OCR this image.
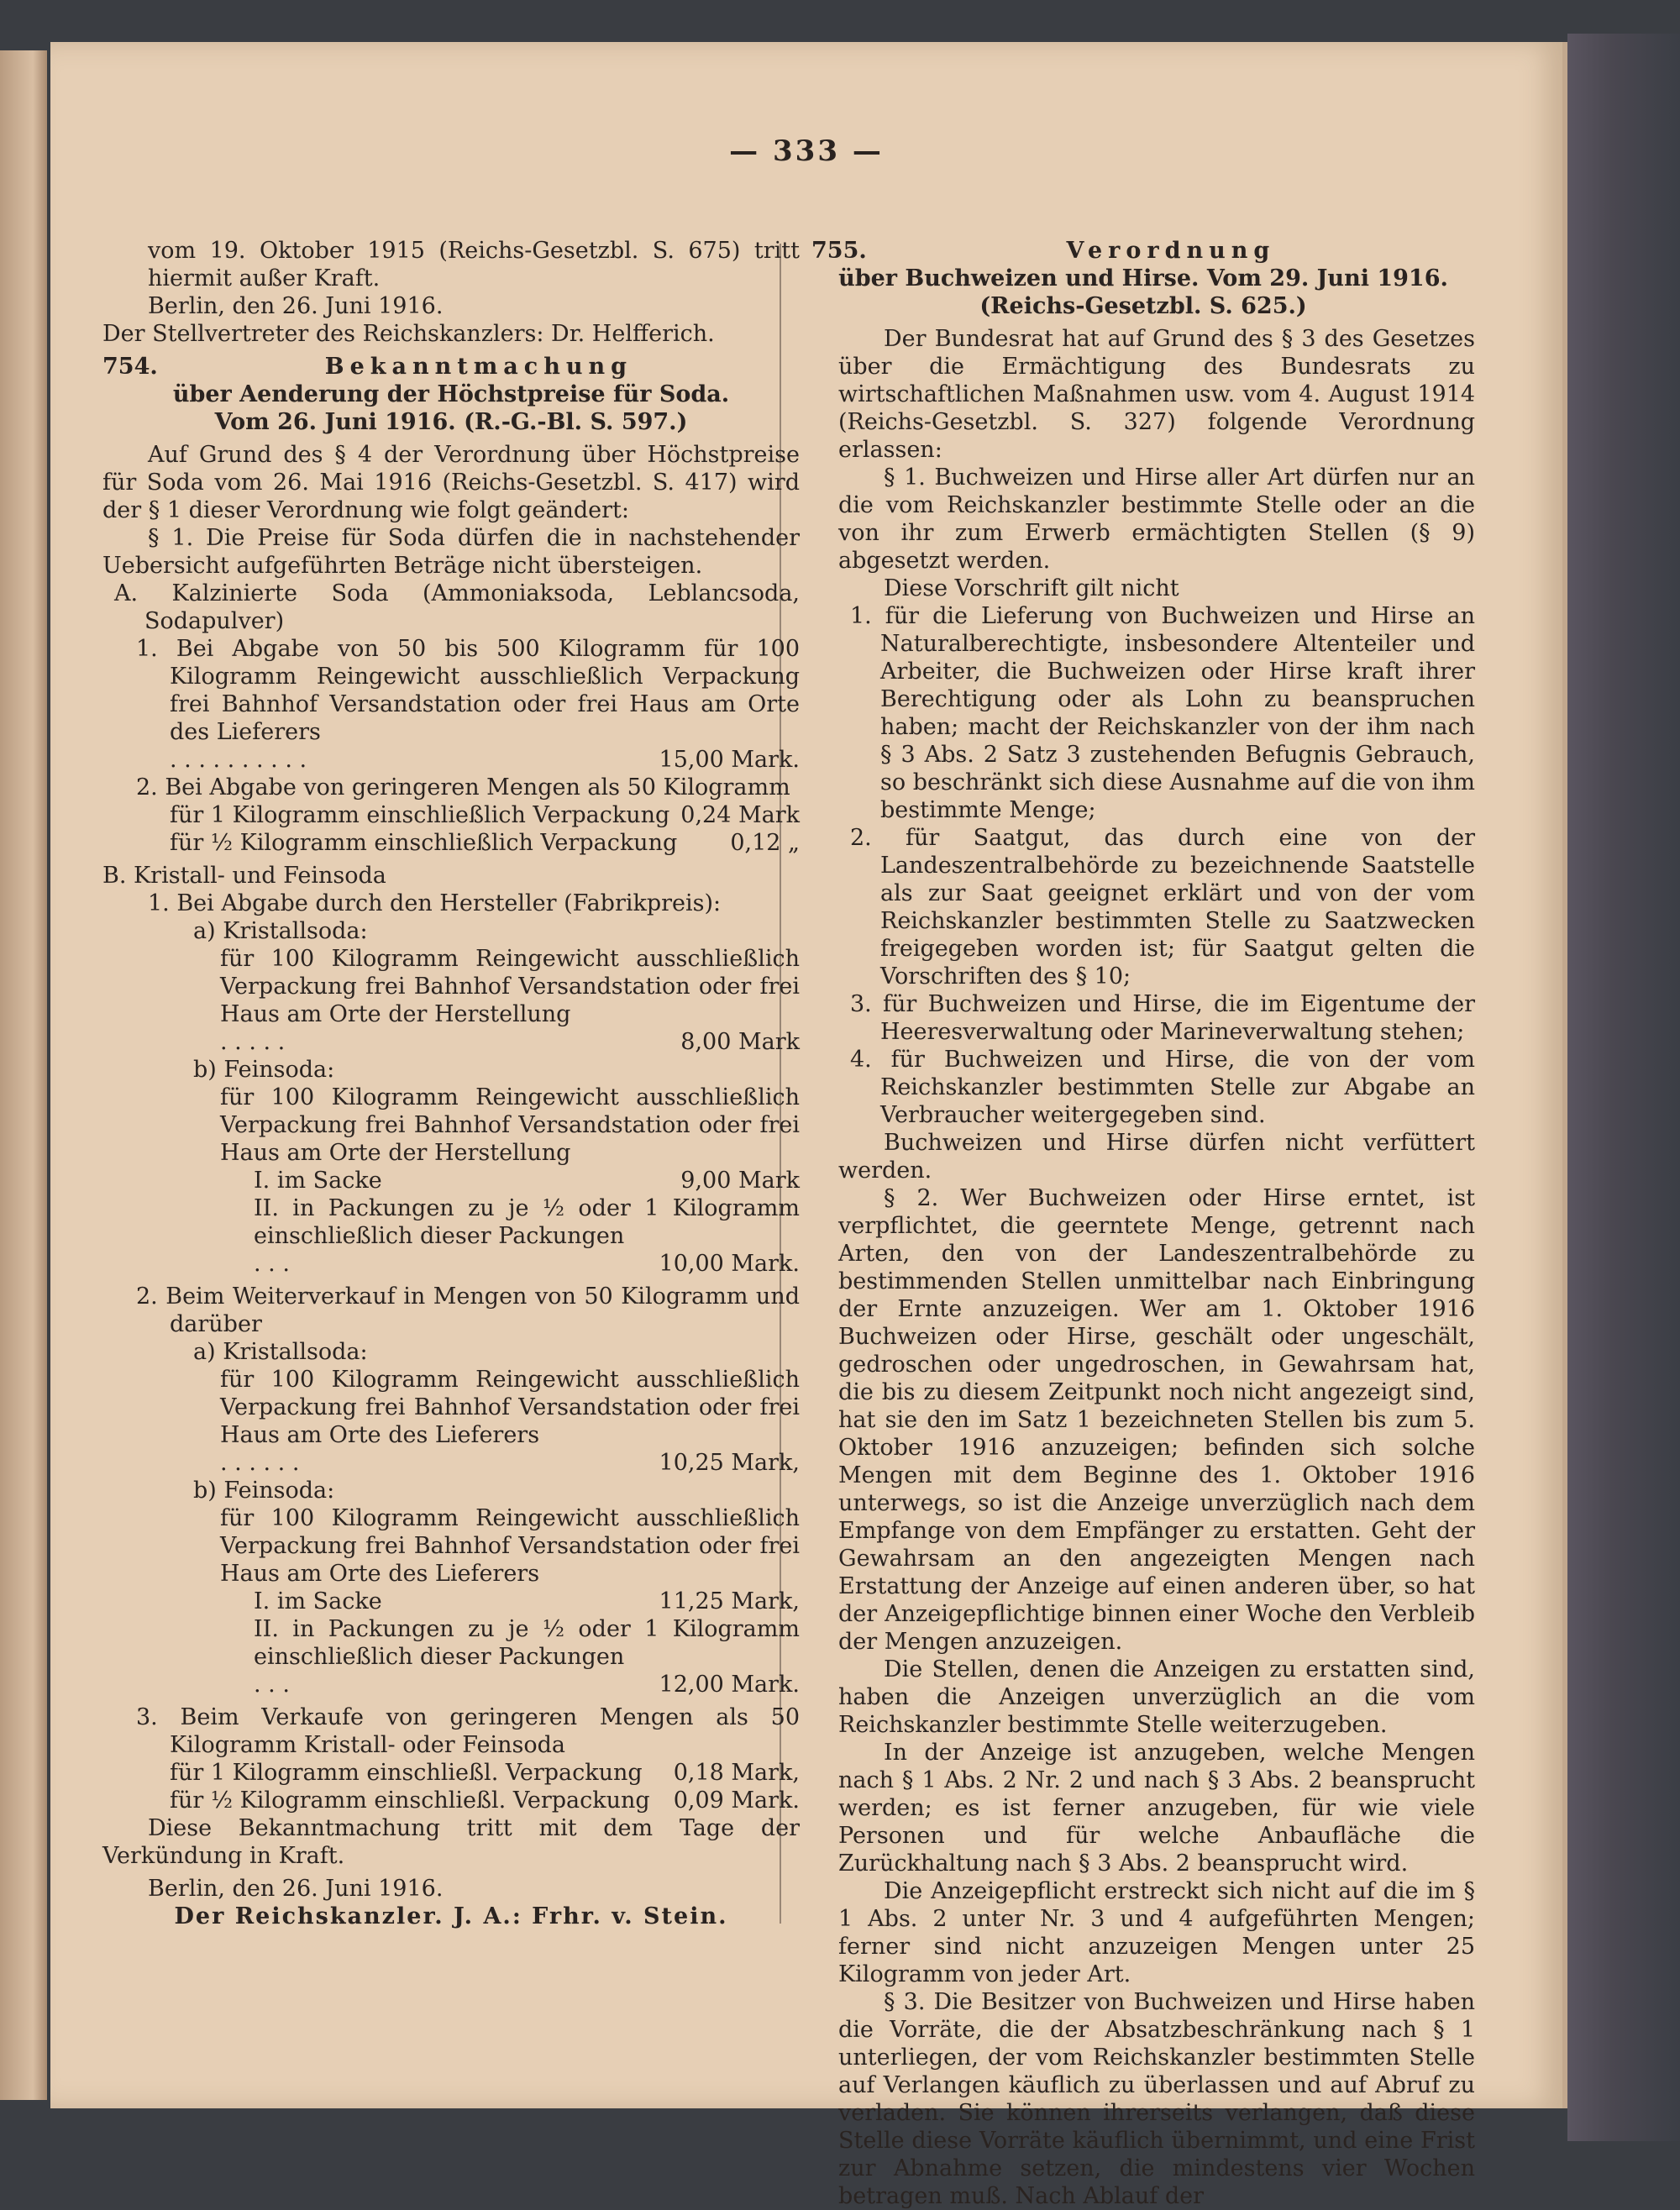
— 333 —

vom 19. Oktober 1915 (Reichs-Gesetzbl. S. 675) tritt hiermit außer Kraft.

Berlin, den 26. Juni 1916.

Der Stellvertreter des Reichskanzlers: Dr. Helfferich.

754.	Bekanntmachung

über Aenderung der Höchstpreise für Soda.

Vom 26. Juni 1916. (R.-G.-Bl. S. 597.)

Auf Grund des § 4 der Verordnung über Höchstpreise für Soda vom 26. Mai 1916 (Reichs-Gesetzbl. S. 417) wird der § 1 dieser Verordnung wie folgt geändert:

§ 1. Die Preise für Soda dürfen die in nachstehender Uebersicht aufgeführten Beträge nicht übersteigen.

A. Kalzinierte Soda (Ammoniaksoda, Leblancsoda, Sodapulver)

1. Bei Abgabe von 50 bis 500 Kilogramm für 100 Kilogramm Reingewicht ausschließlich Verpackung frei Bahnhof Versandstation oder frei Haus am Orte des Lieferers

. . . . . . . . . .	15,00 Mark.

2. Bei Abgabe von geringeren Mengen als 50 Kilogramm

für 1 Kilogramm einschließlich Verpackung 0,24 Mark
für ½ Kilogramm einschließlich Verpackung 0,12 „

B. Kristall- und Feinsoda

1. Bei Abgabe durch den Hersteller (Fabrikpreis):

a) Kristallsoda:

für 100 Kilogramm Reingewicht ausschließlich Verpackung frei Bahnhof Versandstation oder frei Haus am Orte der Herstellung

. . . . .	8,00 Mark

b) Feinsoda:

für 100 Kilogramm Reingewicht ausschließlich Verpackung frei Bahnhof Versandstation oder frei Haus am Orte der Herstellung

I. im Sacke	9,00 Mark

II. in Packungen zu je ½ oder 1 Kilogramm einschließlich dieser Packungen

. . .	10,00 Mark.

2. Beim Weiterverkauf in Mengen von 50 Kilogramm und darüber

a) Kristallsoda:

für 100 Kilogramm Reingewicht ausschließlich Verpackung frei Bahnhof Versandstation oder frei Haus am Orte des Lieferers

. . . . . .	10,25 Mark,

b) Feinsoda:

für 100 Kilogramm Reingewicht ausschließlich Verpackung frei Bahnhof Versandstation oder frei Haus am Orte des Lieferers

I. im Sacke	11,25 Mark,

II. in Packungen zu je ½ oder 1 Kilogramm einschließlich dieser Packungen

. . .	12,00 Mark.

3. Beim Verkaufe von geringeren Mengen als 50 Kilogramm Kristall- oder Feinsoda

für 1 Kilogramm einschließl. Verpackung 0,18 Mark,
für ½ Kilogramm einschließl. Verpackung 0,09 Mark.

Diese Bekanntmachung tritt mit dem Tage der Verkündung in Kraft.

Berlin, den 26. Juni 1916.

Der Reichskanzler. J. A.: Frhr. v. Stein.

755.	Verordnung

über Buchweizen und Hirse. Vom 29. Juni 1916.

(Reichs-Gesetzbl. S. 625.)

Der Bundesrat hat auf Grund des § 3 des Gesetzes über die Ermächtigung des Bundesrats zu wirtschaftlichen Maßnahmen usw. vom 4. August 1914 (Reichs-Gesetzbl. S. 327) folgende Verordnung erlassen:

§ 1. Buchweizen und Hirse aller Art dürfen nur an die vom Reichskanzler bestimmte Stelle oder an die von ihr zum Erwerb ermächtigten Stellen (§ 9) abgesetzt werden.

Diese Vorschrift gilt nicht

1. für die Lieferung von Buchweizen und Hirse an Naturalberechtigte, insbesondere Altenteiler und Arbeiter, die Buchweizen oder Hirse kraft ihrer Berechtigung oder als Lohn zu beanspruchen haben; macht der Reichskanzler von der ihm nach § 3 Abs. 2 Satz 3 zustehenden Befugnis Gebrauch, so beschränkt sich diese Ausnahme auf die von ihm bestimmte Menge;

2. für Saatgut, das durch eine von der Landeszentralbehörde zu bezeichnende Saatstelle als zur Saat geeignet erklärt und von der vom Reichskanzler bestimmten Stelle zu Saatzwecken freigegeben worden ist; für Saatgut gelten die Vorschriften des § 10;

3. für Buchweizen und Hirse, die im Eigentume der Heeresverwaltung oder Marineverwaltung stehen;

4. für Buchweizen und Hirse, die von der vom Reichskanzler bestimmten Stelle zur Abgabe an Verbraucher weitergegeben sind.

Buchweizen und Hirse dürfen nicht verfüttert werden.

§ 2. Wer Buchweizen oder Hirse erntet, ist verpflichtet, die geerntete Menge, getrennt nach Arten, den von der Landeszentralbehörde zu bestimmenden Stellen unmittelbar nach Einbringung der Ernte anzuzeigen. Wer am 1. Oktober 1916 Buchweizen oder Hirse, geschält oder ungeschält, gedroschen oder ungedroschen, in Gewahrsam hat, die bis zu diesem Zeitpunkt noch nicht angezeigt sind, hat sie den im Satz 1 bezeichneten Stellen bis zum 5. Oktober 1916 anzuzeigen; befinden sich solche Mengen mit dem Beginne des 1. Oktober 1916 unterwegs, so ist die Anzeige unverzüglich nach dem Empfange von dem Empfänger zu erstatten. Geht der Gewahrsam an den angezeigten Mengen nach Erstattung der Anzeige auf einen anderen über, so hat der Anzeigepflichtige binnen einer Woche den Verbleib der Mengen anzuzeigen.

Die Stellen, denen die Anzeigen zu erstatten sind, haben die Anzeigen unverzüglich an die vom Reichskanzler bestimmte Stelle weiterzugeben.

In der Anzeige ist anzugeben, welche Mengen nach § 1 Abs. 2 Nr. 2 und nach § 3 Abs. 2 beansprucht werden; es ist ferner anzugeben, für wie viele Personen und für welche Anbaufläche die Zurückhaltung nach § 3 Abs. 2 beansprucht wird.

Die Anzeigepflicht erstreckt sich nicht auf die im § 1 Abs. 2 unter Nr. 3 und 4 aufgeführten Mengen; ferner sind nicht anzuzeigen Mengen unter 25 Kilogramm von jeder Art.

§ 3. Die Besitzer von Buchweizen und Hirse haben die Vorräte, die der Absatzbeschränkung nach § 1 unterliegen, der vom Reichskanzler bestimmten Stelle auf Verlangen käuflich zu überlassen und auf Abruf zu verladen. Sie können ihrerseits verlangen, daß diese Stelle diese Vorräte käuflich übernimmt, und eine Frist zur Abnahme setzen, die mindestens vier Wochen betragen muß. Nach Ablauf der
